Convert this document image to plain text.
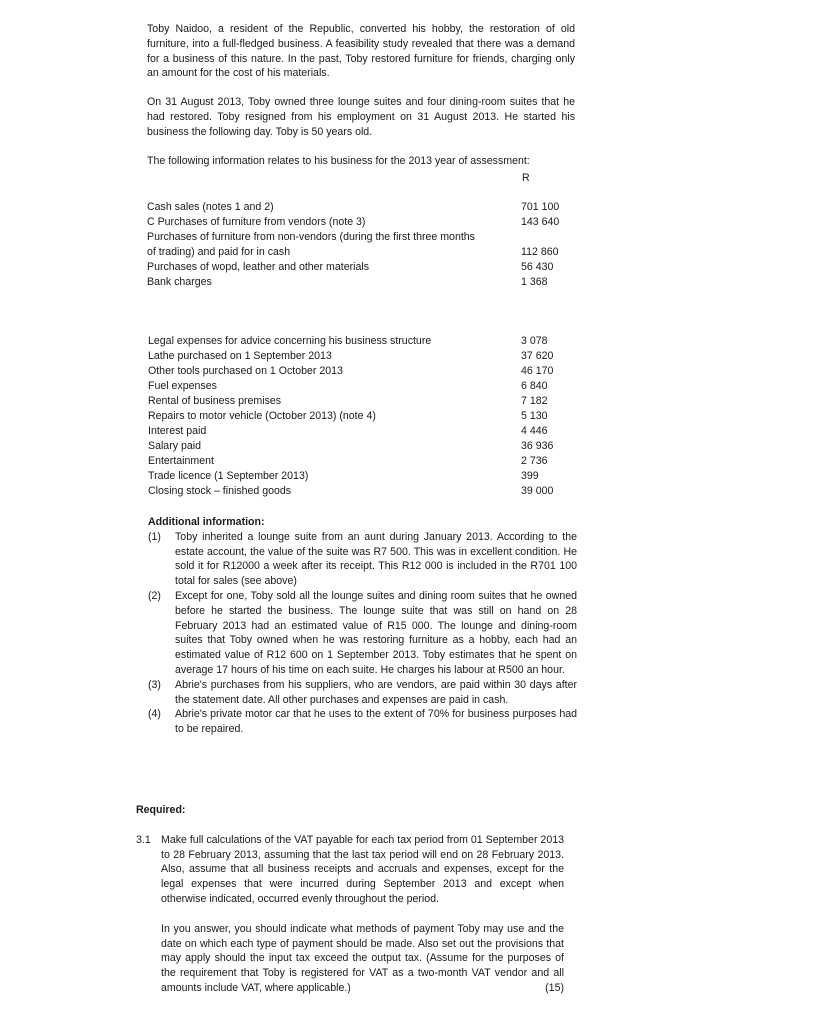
Toby Naidoo, a resident of the Republic, converted his hobby, the restoration of old furniture, into a full-fledged business. A feasibility study revealed that there was a demand for a business of this nature. In the past, Toby restored furniture for friends, charging only an amount for the cost of his materials.

On 31 August 2013, Toby owned three lounge suites and four dining-room suites that he had restored. Toby resigned from his employment on 31 August 2013. He started his business the following day. Toby is 50 years old.

The following information relates to his business for the 2013 year of assessment:

R
Cash sales (notes 1 and 2)	701 100
C Purchases of furniture from vendors (note 3)	143 640
Purchases of furniture from non-vendors (during the first three months
of trading) and paid for in cash	112 860
Purchases of wopd, leather and other materials	56 430
Bank charges	1 368
Legal expenses for advice concerning his business structure	3 078
Lathe purchased on 1 September 2013	37 620
Other tools purchased on 1 October 2013	46 170
Fuel expenses	6 840
Rental of business premises	7 182
Repairs to motor vehicle (October 2013) (note 4)	5 130
Interest paid	4 446
Salary paid	36 936
Entertainment	2 736
Trade licence (1 September 2013)	399
Closing stock – finished goods	39 000
Additional information:
(1) Toby inherited a lounge suite from an aunt during January 2013. According to the estate account, the value of the suite was R7 500. This was in excellent condition. He sold it for R12000 a week after its receipt. This R12 000 is included in the R701 100 total for sales (see above)
(2) Except for one, Toby sold all the lounge suites and dining room suites that he owned before he started the business. The lounge suite that was still on hand on 28 February 2013 had an estimated value of R15 000. The lounge and dining-room suites that Toby owned when he was restoring furniture as a hobby, each had an estimated value of R12 600 on 1 September 2013. Toby estimates that he spent on average 17 hours of his time on each suite. He charges his labour at R500 an hour.
(3) Abrie's purchases from his suppliers, who are vendors, are paid within 30 days after the statement date. All other purchases and expenses are paid in cash.
(4) Abrie's private motor car that he uses to the extent of 70% for business purposes had to be repaired.
Required:
3.1 Make full calculations of the VAT payable for each tax period from 01 September 2013 to 28 February 2013, assuming that the last tax period will end on 28 February 2013. Also, assume that all business receipts and accruals and expenses, except for the legal expenses that were incurred during September 2013 and except when otherwise indicated, occurred evenly throughout the period.
In you answer, you should indicate what methods of payment Toby may use and the date on which each type of payment should be made. Also set out the provisions that may apply should the input tax exceed the output tax. (Assume for the purposes of the requirement that Toby is registered for VAT as a two-month VAT vendor and all amounts include VAT, where applicable.)	(15)
